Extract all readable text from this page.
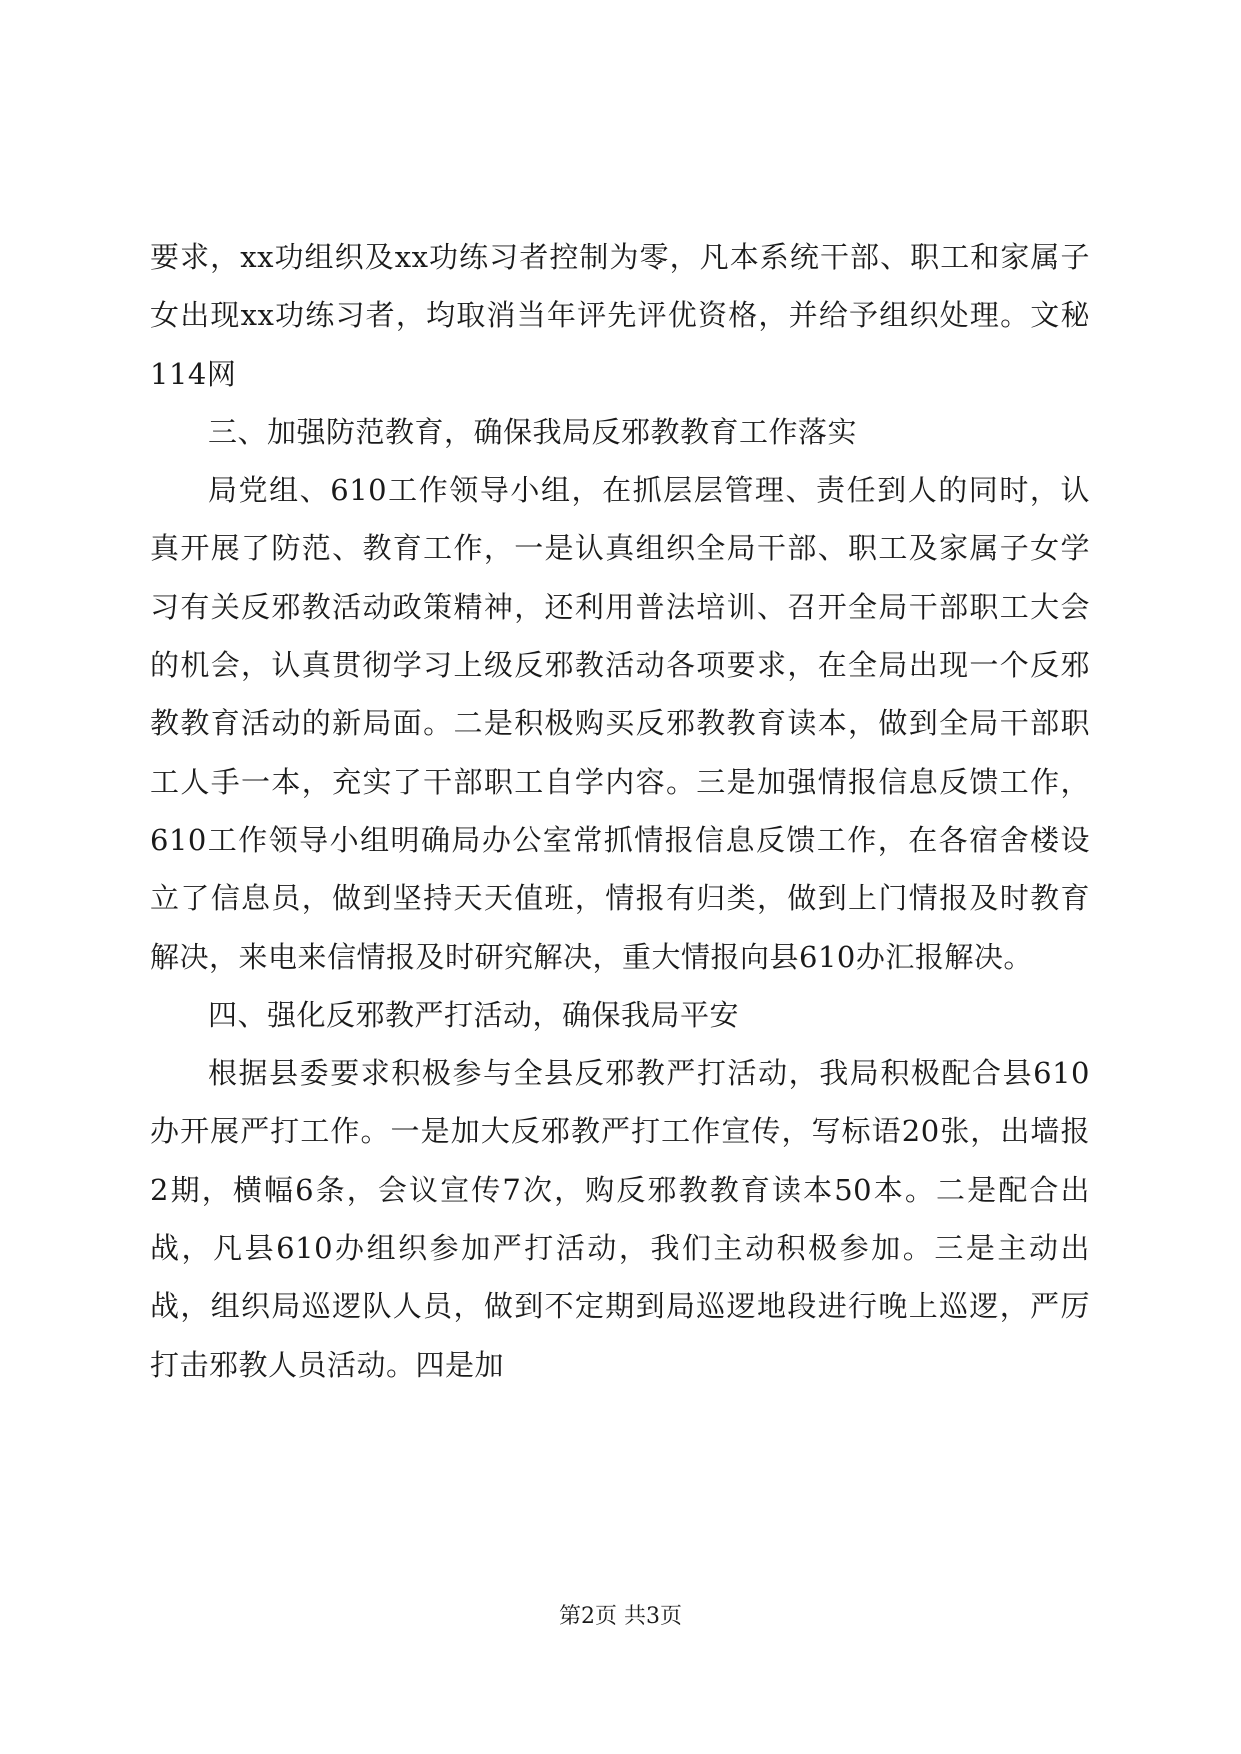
要求，xx功组织及xx功练习者控制为零，凡本系统干部、职工和家属子女出现xx功练习者，均取消当年评先评优资格，并给予组织处理。文秘114网

三、加强防范教育，确保我局反邪教教育工作落实

局党组、610工作领导小组，在抓层层管理、责任到人的同时，认真开展了防范、教育工作，一是认真组织全局干部、职工及家属子女学习有关反邪教活动政策精神，还利用普法培训、召开全局干部职工大会的机会，认真贯彻学习上级反邪教活动各项要求，在全局出现一个反邪教教育活动的新局面。二是积极购买反邪教教育读本，做到全局干部职工人手一本，充实了干部职工自学内容。三是加强情报信息反馈工作，610工作领导小组明确局办公室常抓情报信息反馈工作，在各宿舍楼设立了信息员，做到坚持天天值班，情报有归类，做到上门情报及时教育解决，来电来信情报及时研究解决，重大情报向县610办汇报解决。

四、强化反邪教严打活动，确保我局平安

根据县委要求积极参与全县反邪教严打活动，我局积极配合县610办开展严打工作。一是加大反邪教严打工作宣传，写标语20张，出墙报2期，横幅6条，会议宣传7次，购反邪教教育读本50本。二是配合出战，凡县610办组织参加严打活动，我们主动积极参加。三是主动出战，组织局巡逻队人员，做到不定期到局巡逻地段进行晚上巡逻，严厉打击邪教人员活动。四是加

第2页 共3页
